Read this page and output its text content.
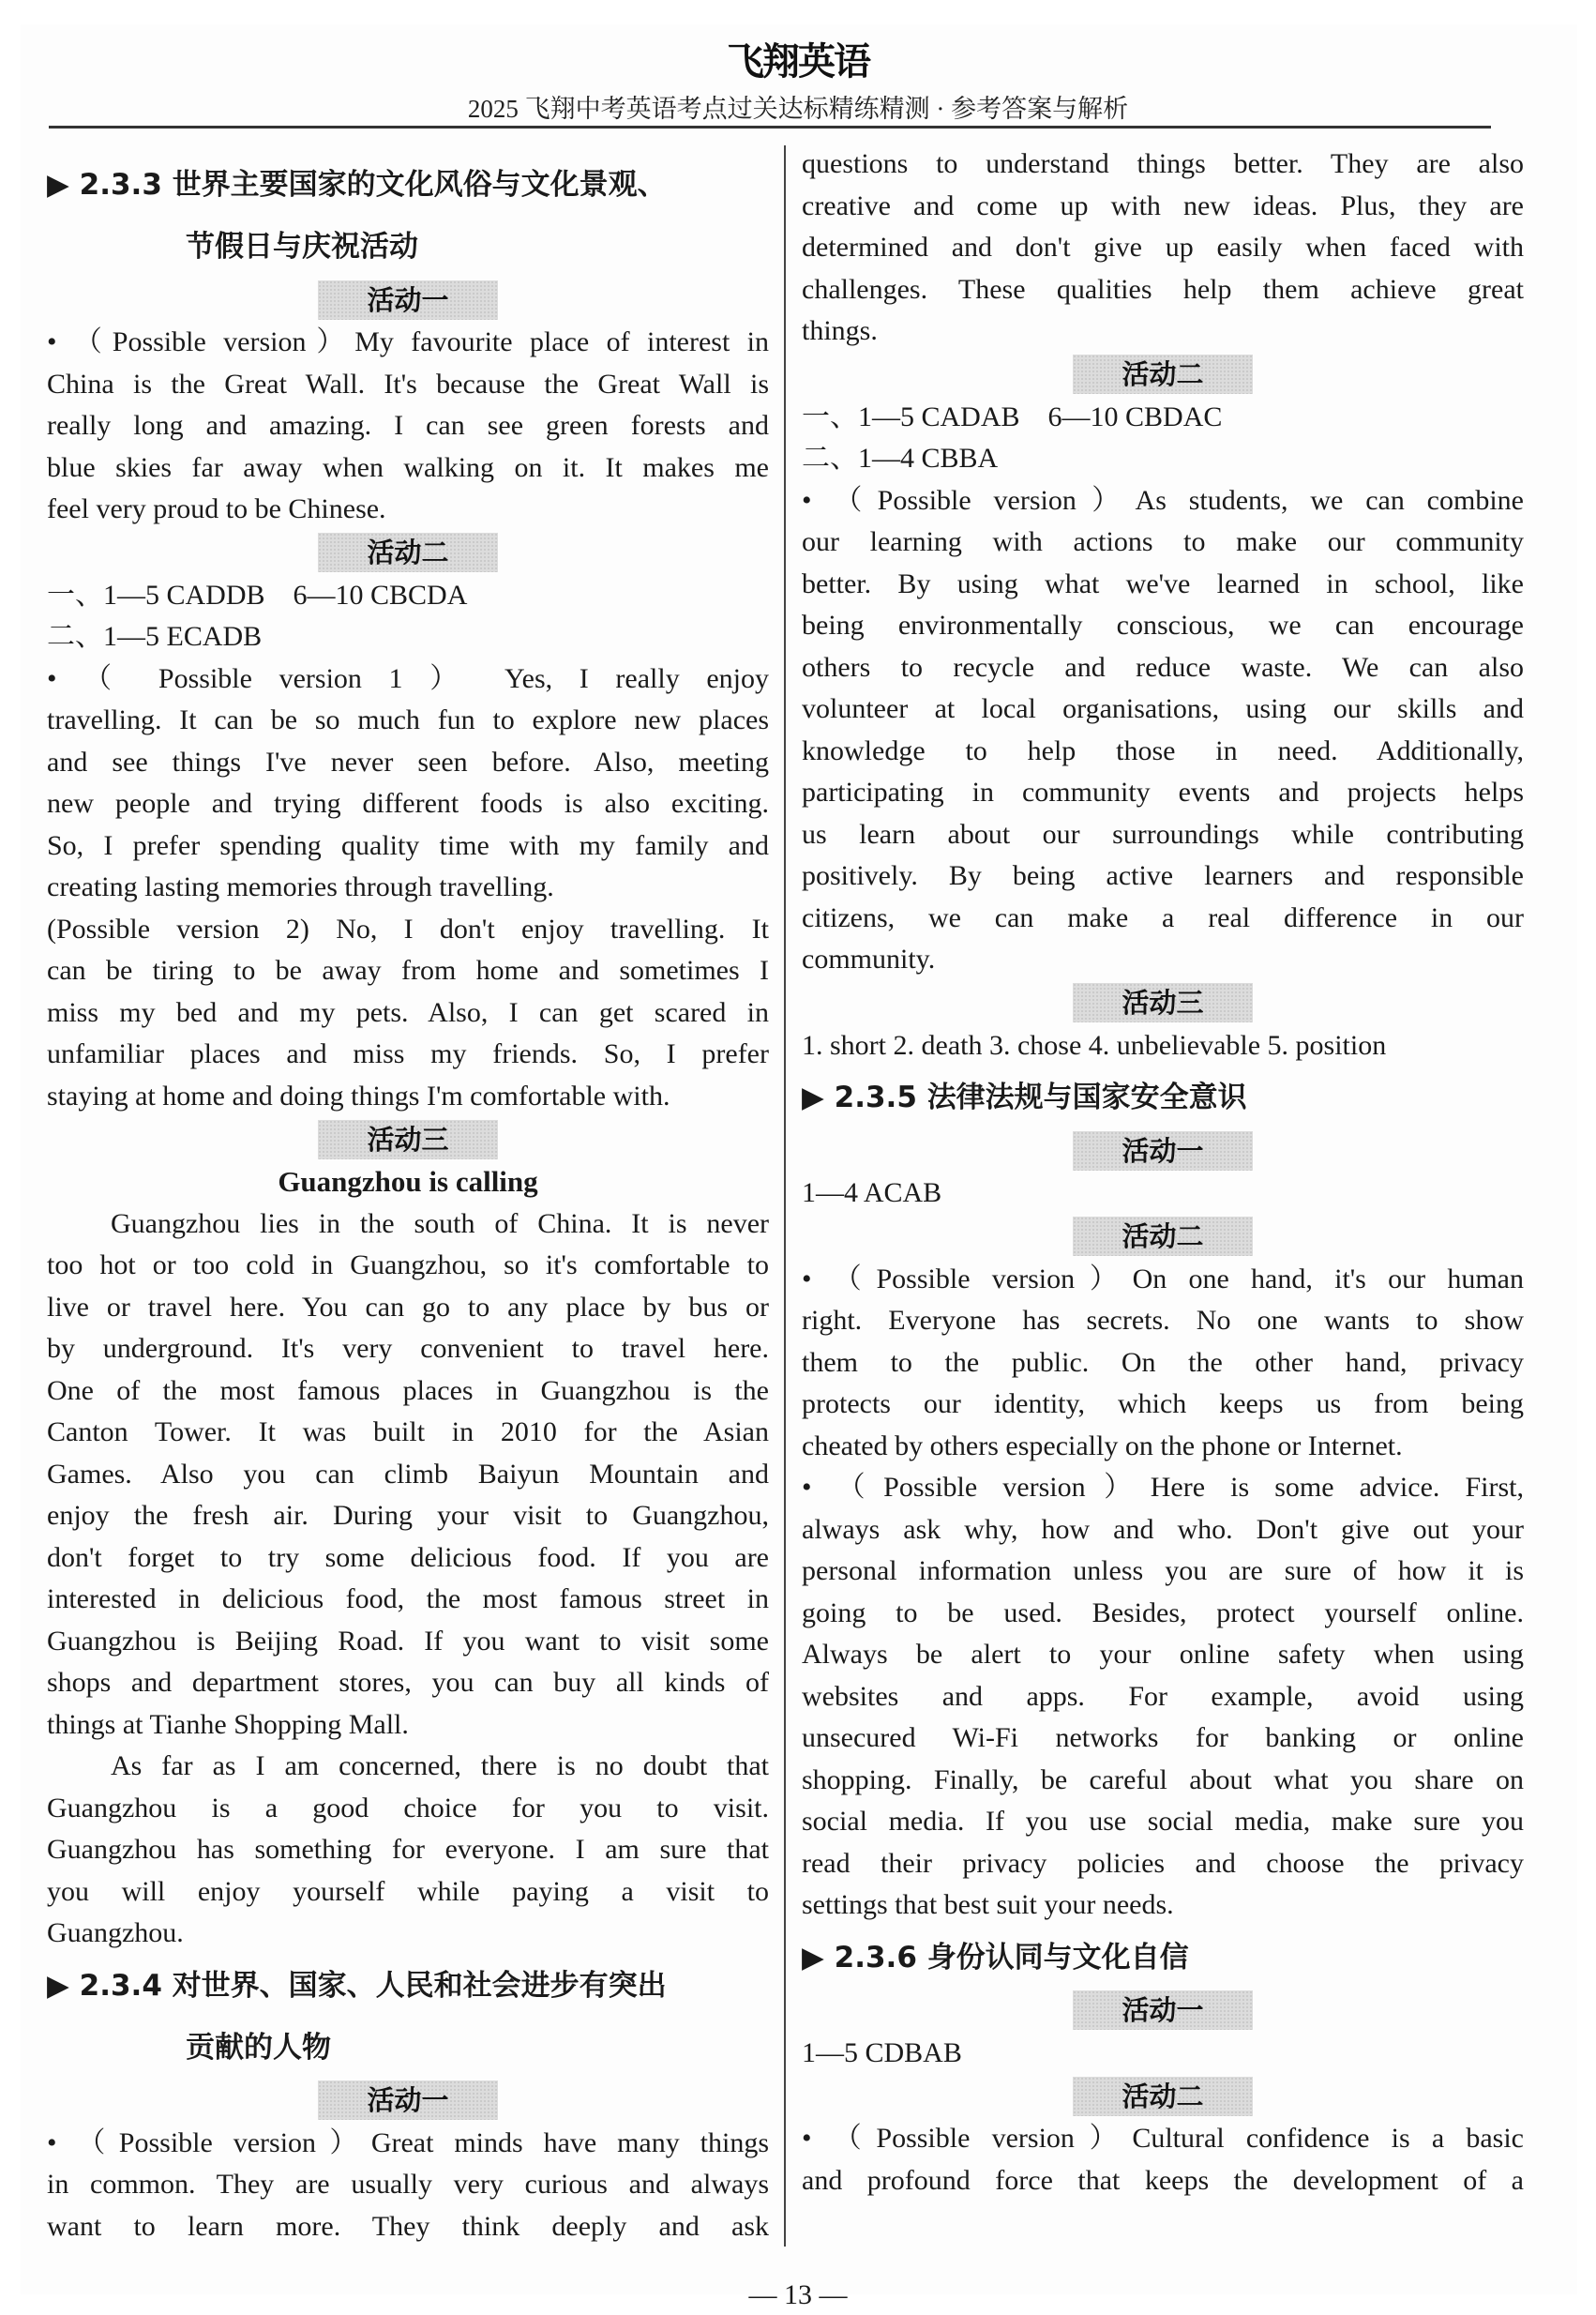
飞翔英语
2025 飞翔中考英语考点过关达标精练精测 · 参考答案与解析
▶ 2.3.3 世界主要国家的文化风俗与文化景观、
节假日与庆祝活动
活动一
• （Possible version）My favourite place of interest in
China is the Great Wall. It's because the Great Wall is
really long and amazing. I can see green forests and
blue skies far away when walking on it. It makes me
feel very proud to be Chinese.
活动二
一、1—5 CADDB　6—10 CBCDA
二、1—5 ECADB
• （ Possible version 1 ） Yes, I really enjoy
travelling. It can be so much fun to explore new places
and see things I've never seen before. Also, meeting
new people and trying different foods is also exciting.
So, I prefer spending quality time with my family and
creating lasting memories through travelling.
(Possible version 2) No, I don't enjoy travelling. It
can be tiring to be away from home and sometimes I
miss my bed and my pets. Also, I can get scared in
unfamiliar places and miss my friends. So, I prefer
staying at home and doing things I'm comfortable with.
活动三
Guangzhou is calling
Guangzhou lies in the south of China. It is never
too hot or too cold in Guangzhou, so it's comfortable to
live or travel here. You can go to any place by bus or
by underground. It's very convenient to travel here.
One of the most famous places in Guangzhou is the
Canton Tower. It was built in 2010 for the Asian
Games. Also you can climb Baiyun Mountain and
enjoy the fresh air. During your visit to Guangzhou,
don't forget to try some delicious food. If you are
interested in delicious food, the most famous street in
Guangzhou is Beijing Road. If you want to visit some
shops and department stores, you can buy all kinds of
things at Tianhe Shopping Mall.
As far as I am concerned, there is no doubt that
Guangzhou is a good choice for you to visit.
Guangzhou has something for everyone. I am sure that
you will enjoy yourself while paying a visit to
Guangzhou.
▶ 2.3.4 对世界、国家、人民和社会进步有突出
贡献的人物
活动一
• （Possible version）Great minds have many things
in common. They are usually very curious and always
want to learn more. They think deeply and ask
questions to understand things better. They are also
creative and come up with new ideas. Plus, they are
determined and don't give up easily when faced with
challenges. These qualities help them achieve great
things.
活动二
一、1—5 CADAB　6—10 CBDAC
二、1—4 CBBA
• （Possible version）As students, we can combine
our learning with actions to make our community
better. By using what we've learned in school, like
being environmentally conscious, we can encourage
others to recycle and reduce waste. We can also
volunteer at local organisations, using our skills and
knowledge to help those in need. Additionally,
participating in community events and projects helps
us learn about our surroundings while contributing
positively. By being active learners and responsible
citizens, we can make a real difference in our
community.
活动三
1. short 2. death 3. chose 4. unbelievable 5. position
▶ 2.3.5 法律法规与国家安全意识
活动一
1—4 ACAB
活动二
• （Possible version）On one hand, it's our human
right. Everyone has secrets. No one wants to show
them to the public. On the other hand, privacy
protects our identity, which keeps us from being
cheated by others especially on the phone or Internet.
• （Possible version）Here is some advice. First,
always ask why, how and who. Don't give out your
personal information unless you are sure of how it is
going to be used. Besides, protect yourself online.
Always be alert to your online safety when using
websites and apps. For example, avoid using
unsecured Wi-Fi networks for banking or online
shopping. Finally, be careful about what you share on
social media. If you use social media, make sure you
read their privacy policies and choose the privacy
settings that best suit your needs.
▶ 2.3.6 身份认同与文化自信
活动一
1—5 CDBAB
活动二
• （Possible version）Cultural confidence is a basic
and profound force that keeps the development of a
— 13 —
